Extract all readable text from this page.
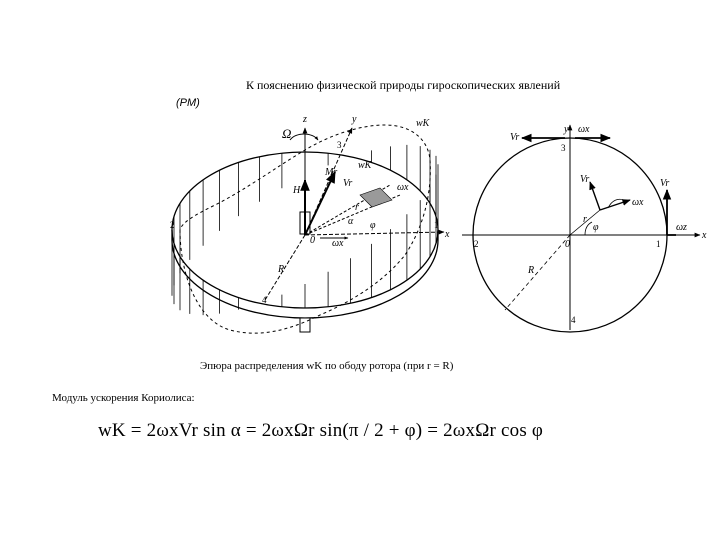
К пояснению физической природы гироскопических явлений
(PM)
z	y
x
wK
wK
Ω
ωx
ωx
Mr
H
Vr
R
0
α φ
r
3
1
2
4
y
x
Vr
ωx
Vr
ωz
Vr
ωx
R
r
φ
0
3
1
2
4
Эпюра распределения wK по ободу ротора (при r = R)
Модуль ускорения Кориолиса:
wK = 2ωxVr sin α = 2ωxΩr sin(π / 2 + φ) = 2ωxΩr cos φ
